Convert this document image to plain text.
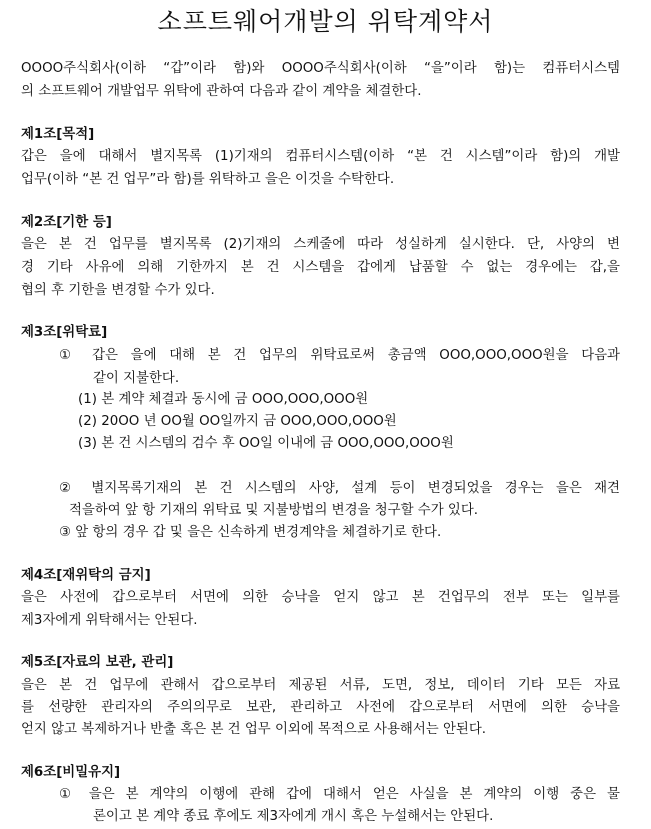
소프트웨어개발의 위탁계약서
OOOO주식회사(이하 “갑”이라 함)와 OOOO주식회사(이하 “을”이라 함)는 컴퓨터시스템
의 소프트웨어 개발업무 위탁에 관하여 다음과 같이 계약을 체결한다.
제1조[목적]
갑은 을에 대해서 별지목록 (1)기재의 컴퓨터시스템(이하 “본 건 시스템”이라 함)의 개발
업무(이하 “본 건 업무”라 함)를 위탁하고 을은 이것을 수탁한다.
제2조[기한 등]
을은 본 건 업무를 별지목록 (2)기재의 스케줄에 따라 성실하게 실시한다. 단, 사양의 변
경 기타 사유에 의해 기한까지 본 건 시스템을 갑에게 납품할 수 없는 경우에는 갑,을
협의 후 기한을 변경할 수가 있다.
제3조[위탁료]
① 갑은 을에 대해 본 건 업무의 위탁료로써 총금액 OOO,OOO,OOO원을 다음과
같이 지불한다.
(1) 본 계약 체결과 동시에 금 OOO,OOO,OOO원
(2) 20OO 년 OO월 OO일까지 금 OOO,OOO,OOO원
(3) 본 건 시스템의 검수 후 OO일 이내에 금 OOO,OOO,OOO원
② 별지목록기재의 본 건 시스템의 사양, 설계 등이 변경되었을 경우는 을은 재견
적을하여 앞 항 기재의 위탁료 및 지불방법의 변경을 청구할 수가 있다.
③ 앞 항의 경우 갑 및 을은 신속하게 변경계약을 체결하기로 한다.
제4조[재위탁의 금지]
을은 사전에 갑으로부터 서면에 의한 승낙을 얻지 않고 본 건업무의 전부 또는 일부를
제3자에게 위탁해서는 안된다.
제5조[자료의 보관, 관리]
을은 본 건 업무에 관해서 갑으로부터 제공된 서류, 도면, 정보, 데이터 기타 모든 자료
를 선량한 관리자의 주의의무로 보관, 관리하고 사전에 갑으로부터 서면에 의한 승낙을
얻지 않고 복제하거나 반출 혹은 본 건 업무 이외에 목적으로 사용해서는 안된다.
제6조[비밀유지]
① 을은 본 계약의 이행에 관해 갑에 대해서 얻은 사실을 본 계약의 이행 중은 물
론이고 본 계약 종료 후에도 제3자에게 개시 혹은 누설해서는 안된다.
